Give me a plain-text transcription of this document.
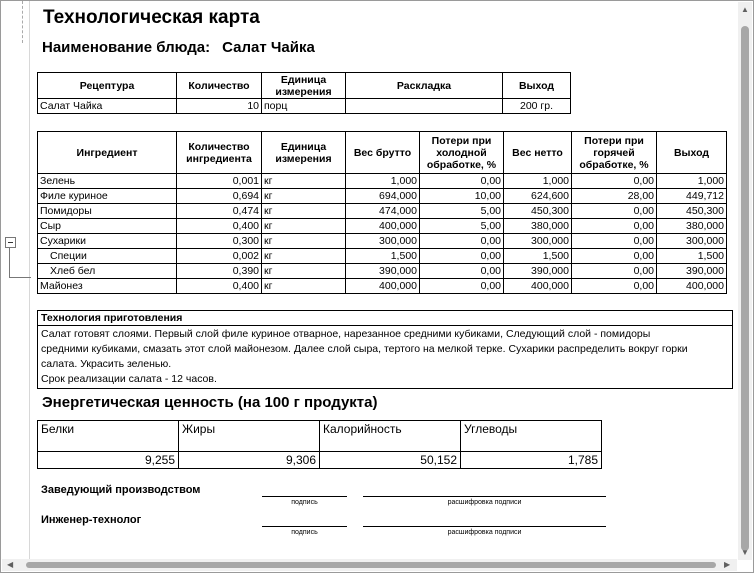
Технологическая карта
Наименование блюда: Салат Чайка
Рецептура	Количество	Единица измерения	Раскладка	Выход
Салат Чайка	10	порц		200 гр.
Ингредиент	Количество ингредиента	Единица измерения	Вес брутто	Потери при холодной обработке, %	Вес нетто	Потери при горячей обработке, %	Выход
Зелень	0,001	кг	1,000	0,00	1,000	0,00	1,000
Филе куриное	0,694	кг	694,000	10,00	624,600	28,00	449,712
Помидоры	0,474	кг	474,000	5,00	450,300	0,00	450,300
Сыр	0,400	кг	400,000	5,00	380,000	0,00	380,000
Сухарики	0,300	кг	300,000	0,00	300,000	0,00	300,000
Специи	0,002	кг	1,500	0,00	1,500	0,00	1,500
Хлеб бел	0,390	кг	390,000	0,00	390,000	0,00	390,000
Майонез	0,400	кг	400,000	0,00	400,000	0,00	400,000
Технология приготовления
Салат готовят слоями. Первый слой филе куриное отварное, нарезанное средними кубиками, Следующий слой - помидоры
средними кубиками, смазать этот слой майонезом. Далее слой сыра, тертого на мелкой терке. Сухарики распределить вокруг горки
салата. Украсить зеленью.
Срок реализации салата - 12 часов.
Энергетическая ценность (на 100 г продукта)
Белки	Жиры	Калорийность	Углеводы
9,255	9,306	50,152	1,785
Заведующий производством
подпись	расшифровка подписи
Инженер-технолог
подпись	расшифровка подписи
▲
▼
◀	▶
